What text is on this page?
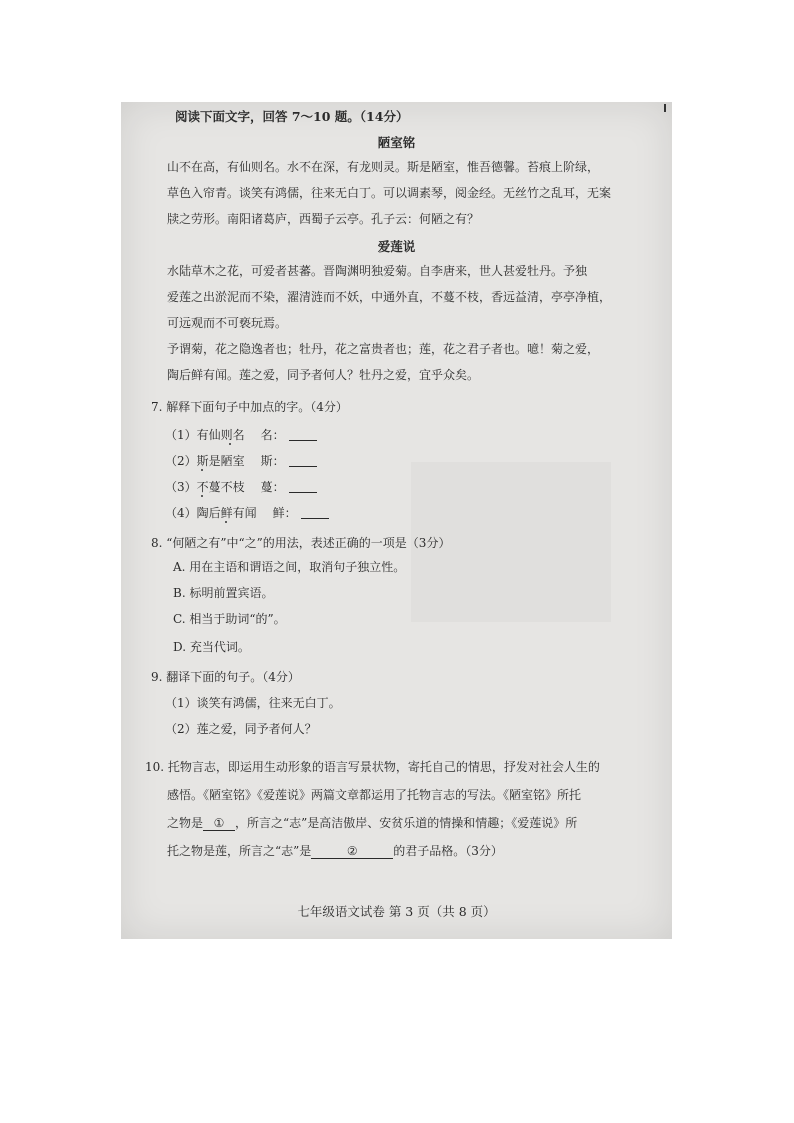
阅读下面文字，回答 7～10 题。（14分）
陋室铭
山不在高，有仙则名。水不在深，有龙则灵。斯是陋室，惟吾德馨。苔痕上阶绿，
草色入帘青。谈笑有鸿儒，往来无白丁。可以调素琴，阅金经。无丝竹之乱耳，无案
牍之劳形。南阳诸葛庐，西蜀子云亭。孔子云：何陋之有？
爱莲说
水陆草木之花，可爱者甚蕃。晋陶渊明独爱菊。自李唐来，世人甚爱牡丹。予独
爱莲之出淤泥而不染，濯清涟而不妖，中通外直，不蔓不枝，香远益清，亭亭净植，
可远观而不可亵玩焉。
予谓菊，花之隐逸者也；牡丹，花之富贵者也；莲，花之君子者也。噫！菊之爱，
陶后鲜有闻。莲之爱，同予者何人？牡丹之爱，宜乎众矣。
7. 解释下面句子中加点的字。（4分）
（1）有仙则名 名：
（2）斯是陋室 斯：
（3）不蔓不枝 蔓：
（4）陶后鲜有闻 鲜：
8. “何陋之有”中“之”的用法，表述正确的一项是（3分）
A. 用在主语和谓语之间，取消句子独立性。
B. 标明前置宾语。
C. 相当于助词“的”。
D. 充当代词。
9. 翻译下面的句子。（4分）
（1）谈笑有鸿儒，往来无白丁。
（2）莲之爱，同予者何人？
10. 托物言志，即运用生动形象的语言写景状物，寄托自己的情思，抒发对社会人生的
感悟。《陋室铭》《爱莲说》两篇文章都运用了托物言志的写法。《陋室铭》所托
之物是 ① ，所言之“志”是高洁傲岸、安贫乐道的情操和情趣；《爱莲说》所
托之物是莲，所言之“志”是	②	的君子品格。（3分）
七年级语文试卷 第 3 页（共 8 页）
